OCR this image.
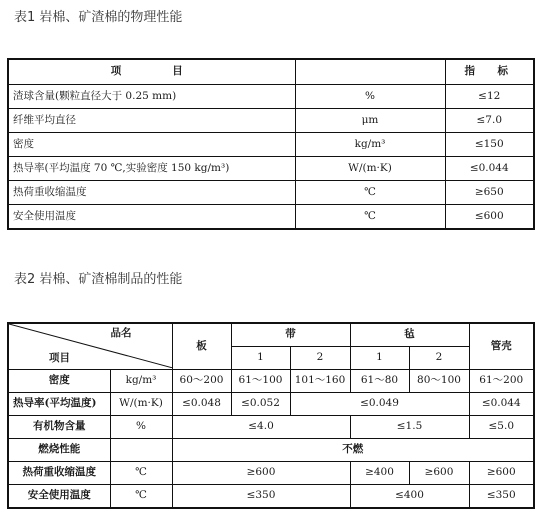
表1 岩棉、矿渣棉的物理性能
项　　目		指　标
渣球含量(颗粒直径大于 0.25 mm)	%	≤12
纤维平均直径	μm	≤7.0
密度	kg/m³	≤150
热导率(平均温度 70 ℃,实验密度 150 kg/m³)	W/(m·K)	≤0.044
热荷重收缩温度	℃	≥650
安全使用温度	℃	≤600
表2 岩棉、矿渣棉制品的性能
品名
项目		板	带		毡		管壳
			1	2	1	2	
密度	kg/m³	60～200	61～100	101～160	61～80	80～100	61～200
热导率(平均温度)	W/(m·K)	≤0.048	≤0.052	≤0.049			≤0.044
有机物含量	%	≤4.0			≤1.5		≤5.0
燃烧性能		不燃					
热荷重收缩温度	℃	≥600			≥400	≥600	≥600
安全使用温度	℃	≤350			≤400		≤350
